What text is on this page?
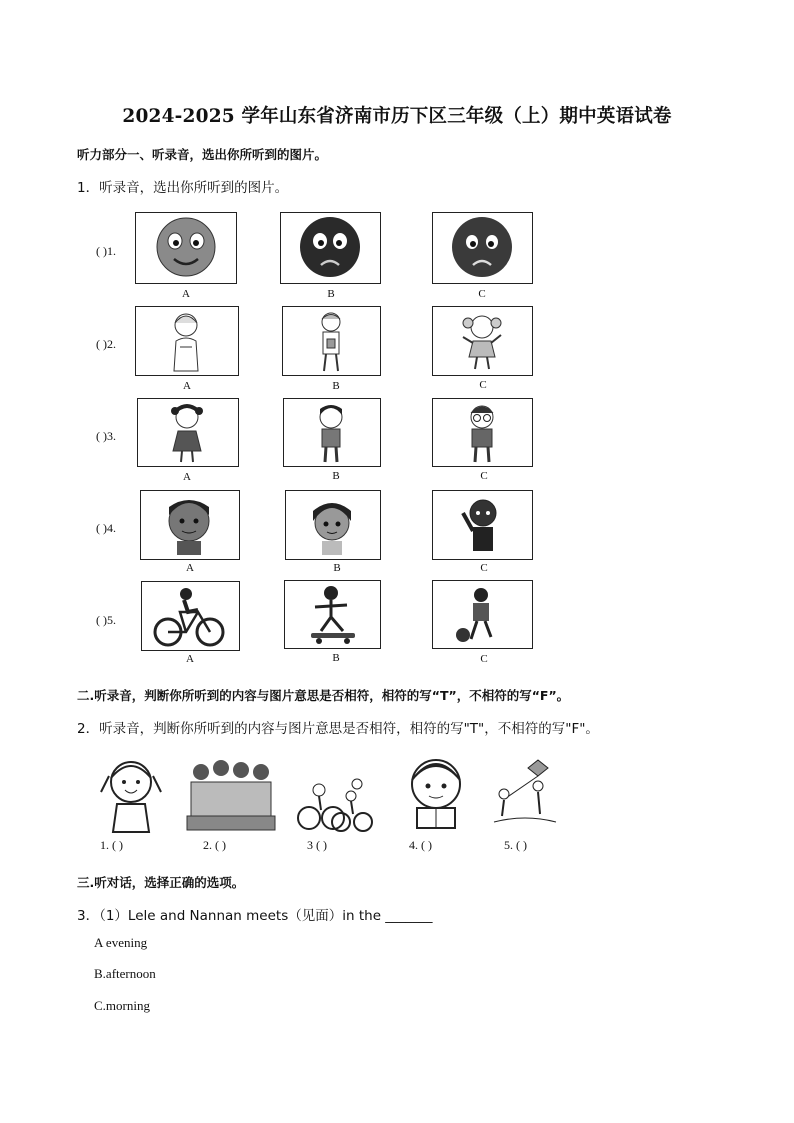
2024-2025 学年山东省济南市历下区三年级（上）期中英语试卷
听力部分一、听录音，选出你所听到的图片。
1．听录音，选出你所听到的图片。
( )1.
A	B	C
( )2.
A	B	C
( )3.
A	B	C
( )4.
A	B	C
( )5.
A	B	C
二.听录音，判断你所听到的内容与图片意思是否相符，相符的写“T”，不相符的写“F”。
2．听录音，判断你所听到的内容与图片意思是否相符，相符的写"T"，不相符的写"F"。
1. ( )	2. ( )	3 ( )	4. ( )	5. ( )
三.听对话，选择正确的选项。
3．（1）Lele and Nannan meets（见面）in the _______
A evening
B.afternoon
C.morning
